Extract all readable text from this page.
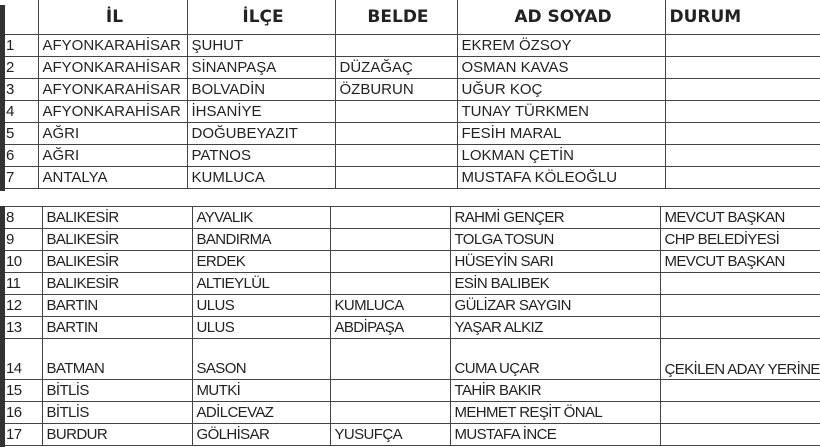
	İL	İLÇE	BELDE	AD SOYAD	DURUM
1	AFYONKARAHİSAR	ŞUHUT		EKREM ÖZSOY	
2	AFYONKARAHİSAR	SİNANPAŞA	DÜZAĞAÇ	OSMAN KAVAS	
3	AFYONKARAHİSAR	BOLVADİN	ÖZBURUN	UĞUR KOÇ	
4	AFYONKARAHİSAR	İHSANİYE		TUNAY TÜRKMEN	
5	AĞRI	DOĞUBEYAZIT		FESİH MARAL	
6	AĞRI	PATNOS		LOKMAN ÇETİN	
7	ANTALYA	KUMLUCA		MUSTAFA KÖLEOĞLU	
8	BALIKESİR	AYVALIK		RAHMİ GENÇER	MEVCUT BAŞKAN
9	BALIKESİR	BANDIRMA		TOLGA TOSUN	CHP BELEDİYESİ
10	BALIKESİR	ERDEK		HÜSEYİN SARI	MEVCUT BAŞKAN
11	BALIKESİR	ALTIEYLÜL		ESİN BALIBEK	
12	BARTIN	ULUS	KUMLUCA	GÜLİZAR SAYGIN	
13	BARTIN	ULUS	ABDİPAŞA	YAŞAR ALKIZ	
14	BATMAN	SASON		CUMA UÇAR	ÇEKİLEN ADAY YERİNE
15	BİTLİS	MUTKİ		TAHİR BAKIR	
16	BİTLİS	ADİLCEVAZ		MEHMET REŞİT ÖNAL	
17	BURDUR	GÖLHİSAR	YUSUFÇA	MUSTAFA İNCE	
